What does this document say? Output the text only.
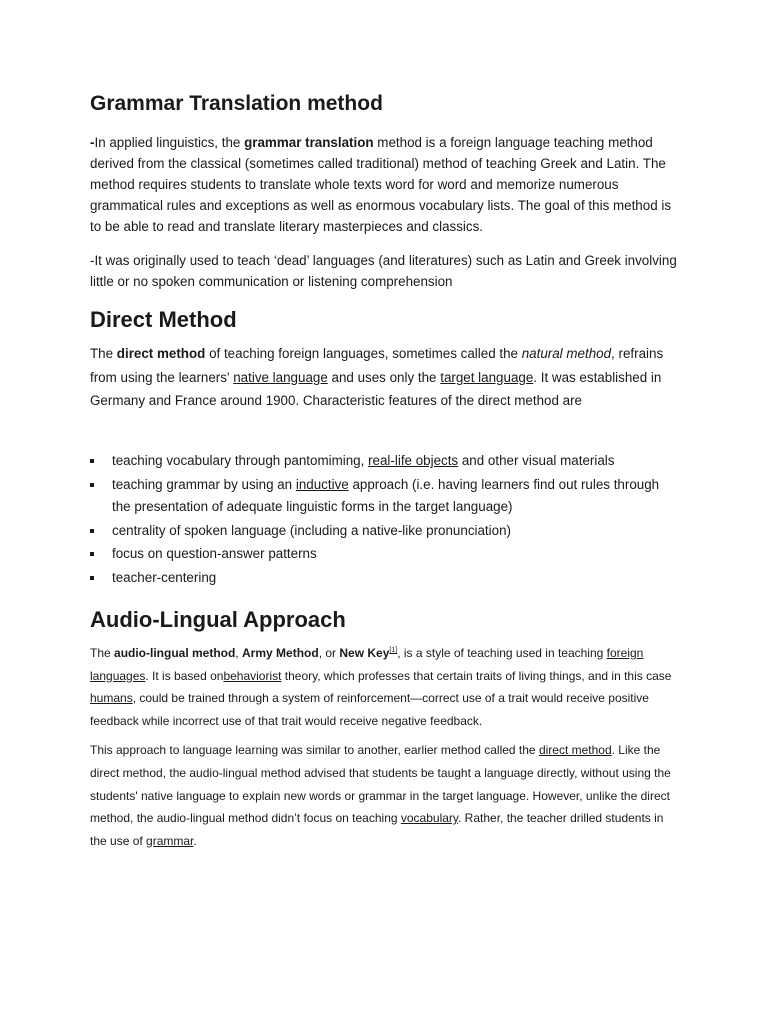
Grammar Translation method

-In applied linguistics, the grammar translation method is a foreign language teaching method derived from the classical (sometimes called traditional) method of teaching Greek and Latin. The method requires students to translate whole texts word for word and memorize numerous grammatical rules and exceptions as well as enormous vocabulary lists. The goal of this method is to be able to read and translate literary masterpieces and classics.

-It was originally used to teach ‘dead’ languages (and literatures) such as Latin and Greek involving little or no spoken communication or listening comprehension

Direct Method

The direct method of teaching foreign languages, sometimes called the natural method, refrains from using the learners' native language and uses only the target language. It was established in Germany and France around 1900. Characteristic features of the direct method are

teaching vocabulary through pantomiming, real-life objects and other visual materials
teaching grammar by using an inductive approach (i.e. having learners find out rules through the presentation of adequate linguistic forms in the target language)
centrality of spoken language (including a native-like pronunciation)
focus on question-answer patterns
teacher-centering
Audio-Lingual Approach

The audio-lingual method, Army Method, or New Key[1], is a style of teaching used in teaching foreign languages. It is based onbehaviorist theory, which professes that certain traits of living things, and in this case humans, could be trained through a system of reinforcement—correct use of a trait would receive positive feedback while incorrect use of that trait would receive negative feedback.

This approach to language learning was similar to another, earlier method called the direct method. Like the direct method, the audio-lingual method advised that students be taught a language directly, without using the students' native language to explain new words or grammar in the target language. However, unlike the direct method, the audio-lingual method didn’t focus on teaching vocabulary. Rather, the teacher drilled students in the use of grammar.
